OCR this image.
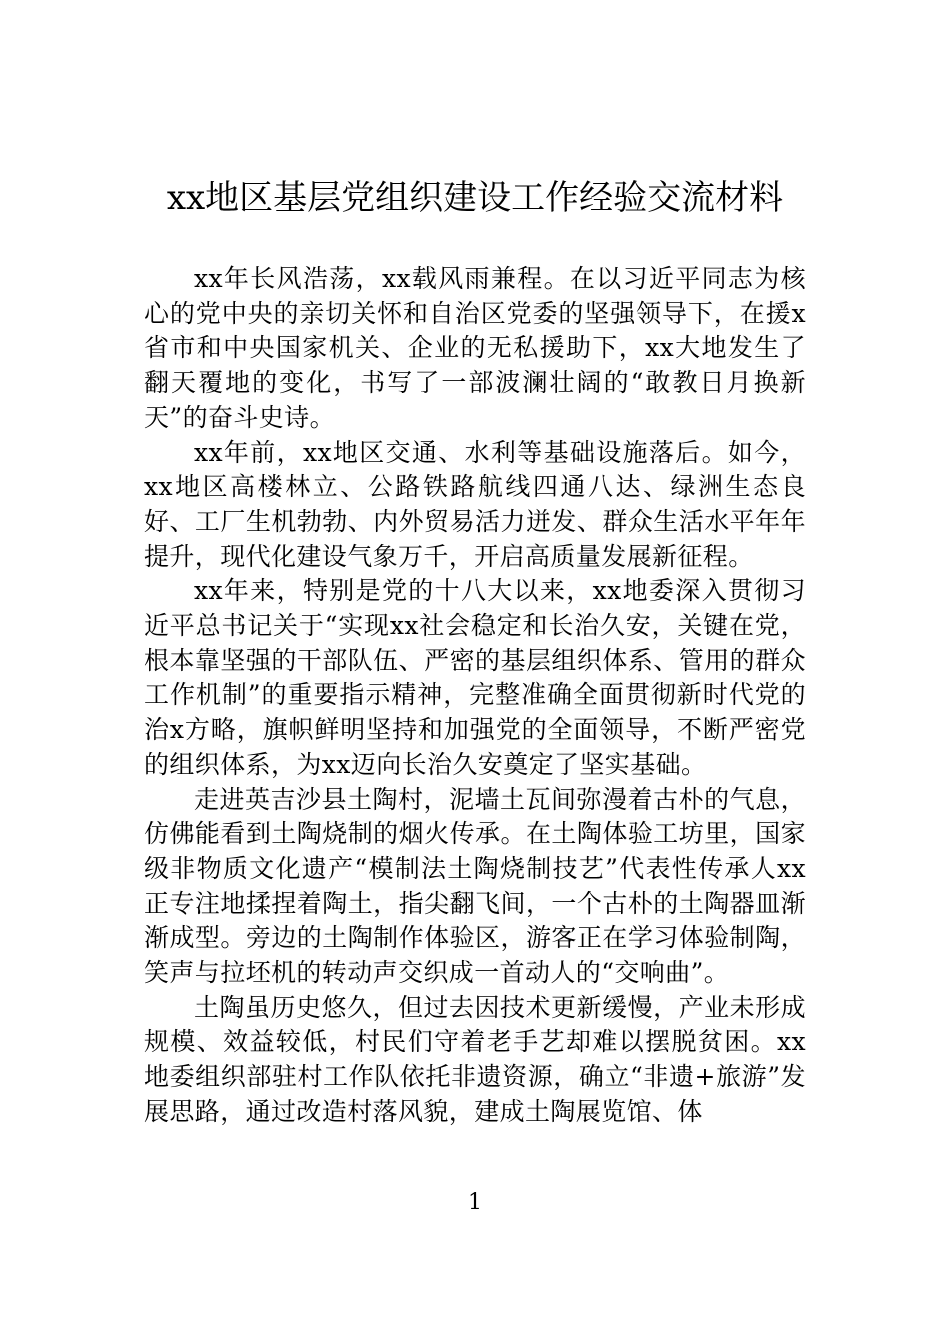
xx地区基层党组织建设工作经验交流材料

xx年长风浩荡，xx载风雨兼程。在以习近平同志为核心的党中央的亲切关怀和自治区党委的坚强领导下，在援x省市和中央国家机关、企业的无私援助下，xx大地发生了翻天覆地的变化，书写了一部波澜壮阔的“敢教日月换新天”的奋斗史诗。

xx年前，xx地区交通、水利等基础设施落后。如今，xx地区高楼林立、公路铁路航线四通八达、绿洲生态良好、工厂生机勃勃、内外贸易活力迸发、群众生活水平年年提升，现代化建设气象万千，开启高质量发展新征程。

xx年来，特别是党的十八大以来，xx地委深入贯彻习近平总书记关于“实现xx社会稳定和长治久安，关键在党，根本靠坚强的干部队伍、严密的基层组织体系、管用的群众工作机制”的重要指示精神，完整准确全面贯彻新时代党的治x方略，旗帜鲜明坚持和加强党的全面领导，不断严密党的组织体系，为xx迈向长治久安奠定了坚实基础。

走进英吉沙县土陶村，泥墙土瓦间弥漫着古朴的气息，仿佛能看到土陶烧制的烟火传承。在土陶体验工坊里，国家级非物质文化遗产“模制法土陶烧制技艺”代表性传承人xx正专注地揉捏着陶土，指尖翻飞间，一个古朴的土陶器皿渐渐成型。旁边的土陶制作体验区，游客正在学习体验制陶，笑声与拉坯机的转动声交织成一首动人的“交响曲”。

土陶虽历史悠久，但过去因技术更新缓慢，产业未形成规模、效益较低，村民们守着老手艺却难以摆脱贫困。xx地委组织部驻村工作队依托非遗资源，确立“非遗+旅游”发展思路，通过改造村落风貌，建成土陶展览馆、体

1
